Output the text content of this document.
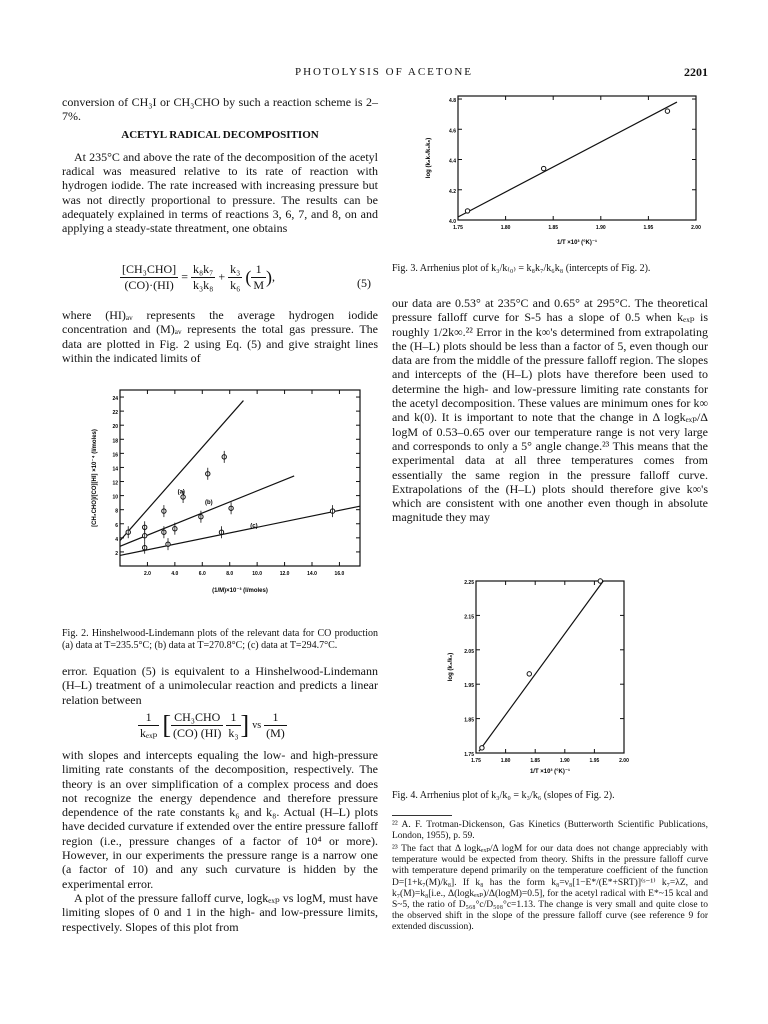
PHOTOLYSIS OF ACETONE	2201

conversion of CH₃I or CH₃CHO by such a reaction scheme is 2–7%.

ACETYL RADICAL DECOMPOSITION

At 235°C and above the rate of the decomposition of the acetyl radical was measured relative to its rate of reaction with hydrogen iodide. The rate increased with increasing pressure but was not directly proportional to pressure. The results can be adequately explained in terms of reactions 3, 6, 7, and 8, on and applying a steady-state threatment, one obtains

$\frac{\text{[CH₃CHO]}}{(CO)\cdot(HI)} = \frac{\text{k₈k₇}}{\text{k₃k₈}} + \frac{\text{k₃}}{\text{k₆}}$ ( $\frac{1}{M}$ ),	(5)

where (HI)ₐᵥ represents the average hydrogen iodide concentration and (M)ₐᵥ represents the total gas pressure. The data are plotted in Fig. 2 using Eq. (5) and give straight lines within the indicated limits of

2.0	4.0	6.0	8.0	10.0	12.0	14.0	16.0
2
4
6
8
10
12
14
16
18
20
22
24
(a)
(b)
(c)
(1/M)×10⁻³ (l/moles)
[CH₃CHO]/[CO][HI] ×10⁻⁴ (l/moles)
Fig. 2. Hinshelwood-Lindemann plots of the relevant data for CO production (a) data at T=235.5°C; (b) data at T=270.8°C; (c) data at T=294.7°C.

error. Equation (5) is equivalent to a Hinshelwood-Lindemann (H–L) treatment of a unimolecular reaction and predicts a linear relation between

$\frac{1}{\text{kₑₓₚ}}$ [ $\frac{\text{CH₃CHO}}{(CO) (HI)}$
$\frac{1}{\text{k₃}}$ ] vs $\frac{1}{(M)}$

with slopes and intercepts equaling the low- and high-pressure limiting rate constants of the decomposition, respectively. The theory is an over simplification of a complex process and does not recognize the energy dependence and therefore pressure dependence of the rate constants k₆ and k₈. Actual (H–L) plots have decided curvature if extended over the entire pressure falloff region (i.e., pressure changes of a factor of 10⁴ or more). However, in our experiments the pressure range is a narrow one (a factor of 10) and any such curvature is hidden by the experimental error.

A plot of the pressure falloff curve, logkₑₓₚ vs logM, must have limiting slopes of 0 and 1 in the high- and low-pressure limits, respectively. Slopes of this plot from

1.75	1.80	1.85	1.90	1.95	2.00
4.0
4.2
4.4
4.6
4.8
1/T ×10³ (°K)⁻¹
log (k₈k₇/k₆k₈)
Fig. 3. Arrhenius plot of k₃/k₍₀₎ = k₈k₇/k₆k₈ (intercepts of Fig. 2).

our data are 0.53° at 235°C and 0.65° at 295°C. The theoretical pressure falloff curve for S-5 has a slope of 0.5 when kₑₓₚ is roughly 1/2k∞.²² Error in the k∞'s determined from extrapolating the (H–L) plots should be less than a factor of 5, even though our data are from the middle of the pressure falloff region. The slopes and intercepts of the (H–L) plots have therefore been used to determine the high- and low-pressure limiting rate constants for the acetyl decomposition. These values are minimum ones for k∞ and k(0). It is important to note that the change in Δ logkₑₓₚ/Δ logM of 0.53–0.65 over our temperature range is not very large and corresponds to only a 5° angle change.²³ This means that the experimental data at all three temperatures comes from essentially the same region in the pressure falloff curve. Extrapolations of the (H–L) plots should therefore give k∞'s which are consistent with one another even though in absolute magnitude they may

1.75	1.80	1.85	1.90	1.95	2.00
1.75
1.85
1.95
2.05
2.15
2.25
1/T ×10³ (°K)⁻¹
log (k₃/k₀)
Fig. 4. Arrhenius plot of k₃/k₀ = k₃/k₆ (slopes of Fig. 2).
²² A. F. Trotman-Dickenson, Gas Kinetics (Butterworth Scientific Publications, London, 1955), p. 59.
²³ The fact that Δ logkₑₓₚ/Δ logM for our data does not change appreciably with temperature would be expected from theory. Shifts in the pressure falloff curve with temperature depend primarily on the temperature coefficient of the function D=[1+k₇(M)/k₈]. If k₈ has the form k₈=ν₈[1−E*/(E*+SRT)]⁽ˢ⁻¹⁾ k₇=λZ, and k₇(M)=k₈[i.e., Δ(logkₑₓₚ)/Δ(logM)=0.5], for the acetyl radical with E*~15 kcal and S~5, the ratio of D₅₆₈°c/D₅₀₈°c=1.13. The change is very small and quite close to the observed shift in the slope of the pressure falloff curve (see reference 9 for extended discussion).
